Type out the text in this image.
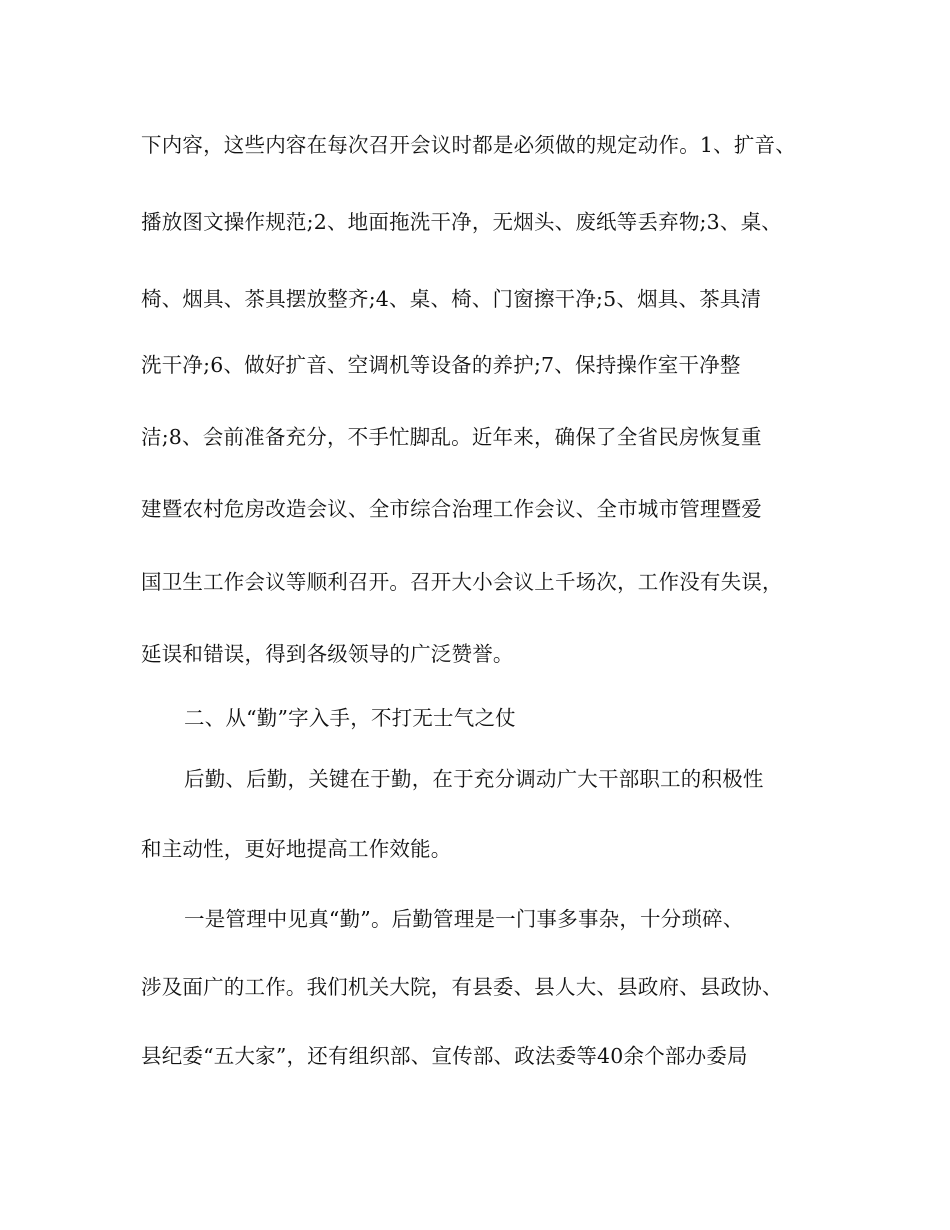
下内容，这些内容在每次召开会议时都是必须做的规定动作。1、扩音、
播放图文操作规范;2、地面拖洗干净，无烟头、废纸等丢弃物;3、桌、
椅、烟具、茶具摆放整齐;4、桌、椅、门窗擦干净;5、烟具、茶具清
洗干净;6、做好扩音、空调机等设备的养护;7、保持操作室干净整
洁;8、会前准备充分，不手忙脚乱。近年来，确保了全省民房恢复重
建暨农村危房改造会议、全市综合治理工作会议、全市城市管理暨爱
国卫生工作会议等顺利召开。召开大小会议上千场次，工作没有失误，
延误和错误，得到各级领导的广泛赞誉。
二、从“勤”字入手，不打无士气之仗
后勤、后勤，关键在于勤，在于充分调动广大干部职工的积极性
和主动性，更好地提高工作效能。
一是管理中见真“勤”。后勤管理是一门事多事杂，十分琐碎、
涉及面广的工作。我们机关大院，有县委、县人大、县政府、县政协、
县纪委“五大家”，还有组织部、宣传部、政法委等40余个部办委局
